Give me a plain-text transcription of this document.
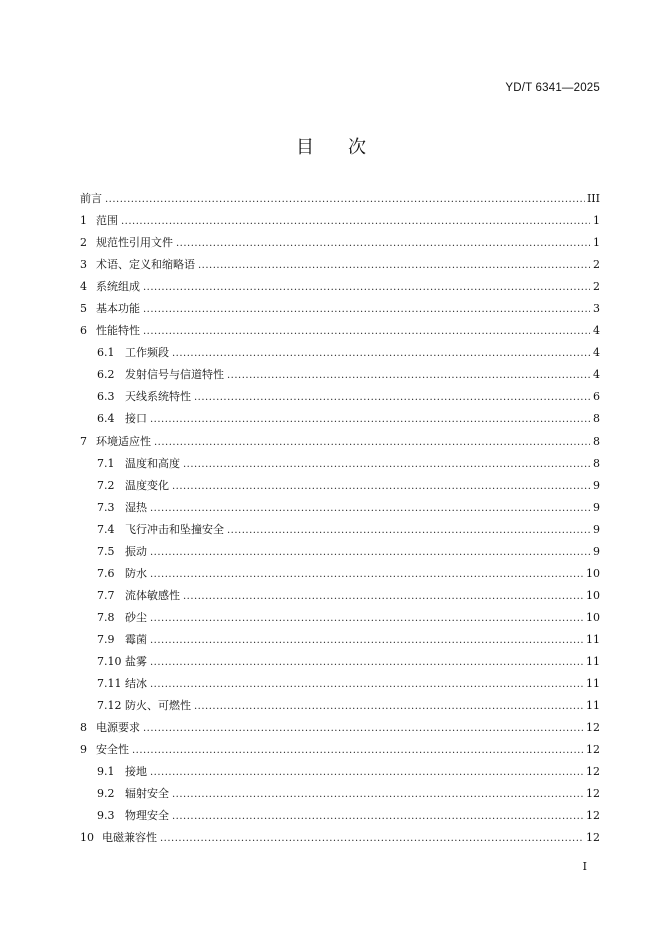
YD/T 6341—2025
目次
前言 .....	III
1 范围 .....	1
2 规范性引用文件 .....	1
3 术语、定义和缩略语 .....	2
4 系统组成 .....	2
5 基本功能 .....	3
6 性能特性 .....	4
6.1 工作频段 .....	4
6.2 发射信号与信道特性 .....	4
6.3 天线系统特性 .....	6
6.4 接口 .....	8
7 环境适应性 .....	8
7.1 温度和高度 .....	8
7.2 温度变化 .....	9
7.3 湿热 .....	9
7.4 飞行冲击和坠撞安全 .....	9
7.5 振动 .....	9
7.6 防水 .....	10
7.7 流体敏感性 .....	10
7.8 砂尘 .....	10
7.9 霉菌 .....	11
7.10 盐雾 .....	11
7.11 结冰 .....	11
7.12 防火、可燃性 .....	11
8 电源要求 .....	12
9 安全性 .....	12
9.1 接地 .....	12
9.2 辐射安全 .....	12
9.3 物理安全 .....	12
10 电磁兼容性 .....	12
I
